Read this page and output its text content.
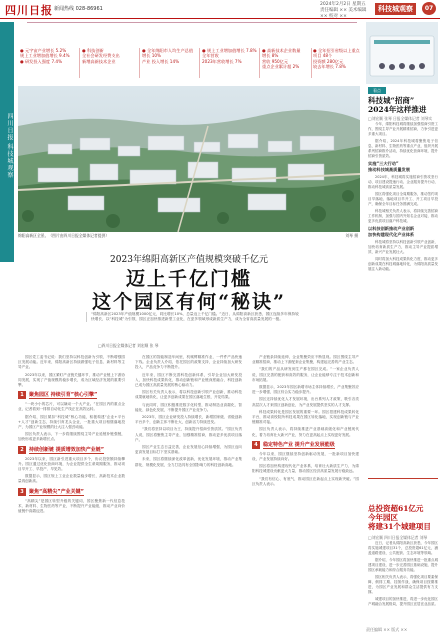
四川日报 新闻热线 028-86961
2024年2月2日 星期五
责任编辑 ×× 美术编辑 ×× 校对 ××
科技城观察	07
四川日报 科技城观察
● 元宇宙产业增长 5.2%
规上工业增加值增长 9.4%
● 研发投入强度 7.4%
● 科技创新
全社会研发经费支出
新增高新技术企业
● 全年绵阳市人均生产总值
增长 10%
产业 投入增长 14%
● 规上工业增加值增长 7.8%
全年营收
2023年营收增长 7%
● 高新技术企业数量
增长 8%
营收 950亿元
重点企业累计超 2%
● 全年招引省级以上重点
项目 48个
投资额 280亿元
较去年增长 7.8%
绵阳高新区全景。（图片由四川日报全媒体记者提供）	刘琴 摄
2023年绵阳高新区产值规模突破千亿元
迈上千亿门槛
这个园区有何“秘诀”
“绵阳高新区2023年产值规模1000亿元，同比增长10%，总量迈上千亿门槛。”近日，从绵阳高新区获悉，园区连续多年保持较快增长，以“科技城”为引领，园区正加快推进新型工业化，在更多领域形成新质生产力，成为全省高质量发展的一极。
□四川日报全媒体记者 刘宏顺 张 琴

园区党工委书记说：我们坚持以科技创新为引领，不断增强园区发展动能。近年来，绵阳高新区持续做强电子信息、新材料等主导产业。

2023年以来，园区紧盯产业链关键环节，推动产业链上下游协同发展，实现了产值规模的稳步增长，成为区域经济发展的重要引擎。

1	聚焦园区 持续引育”核心引擎”

“一块小小的芯片，可以撬动一个大产业。”在园区内的重点企业，记者看到一排排自动化生产线正在高效运转。

据介绍，园区紧扣“科技城”核心功能，积极构建“企业+平台+人才”创新生态，持续引育龙头企业，一批重大项目相继落地投产，为园区产业规模的壮大注入强劲动能。

园区负责人表示，下一步将继续围绕主导产业延链补链强链，加快形成更多新增长点。

2	持续创新链 提质增效加快产业链”

2023年以来，园区新引进重大项目多个，协议投资额持续攀升。园区通过优化营商环境，为企业提供全生命周期服务，推动项目早开工、早投产、早见效。

数据显示，园区规上工业企业数量稳步增长，高新技术企业数量再创新高。

3	聚焦“高精尖”产业关键”

“高精尖”是园区转型升级的关键词，园区聚焦新一代信息技术、新材料、生物医药等产业，不断提升产业能级，推动产业向价值链中高端迈进。

在园区的智能制造车间里，机械臂精准作业，一件件产品快速下线。企业负责人介绍，依托园区的政策支持，企业持续加大研发投入，产品竞争力不断提升。

近年来，园区不断完善科技创新体系，引导企业加大研发投入，加快科技成果转化，推动创新链和产业链深度融合，科技创新已成为园区高质量发展的核心驱动力。

园区有关负责人表示，将以科技创新引领产业创新，推动科技成果就地转化，让更多创新成果在园区落地生根、开花结果。

与此同时，园区积极推进数字化转型，推动制造业高端化、智能化、绿色化发展，不断提升园区产业竞争力。

2023年，园区企业研发投入持续增长，新增国家级、省级创新平台多个，创新主体不断壮大，创新活力持续迸发。

“我们将坚持以项目为王，持续提升招商引资质效。”园区负责人说，园区将聚焦主导产业，加强精准招商，推动更多优质项目落户。

园区产业生态日益完善，企业发展信心持续增强，为园区迈向更高发展目标打下坚实基础。

未来，园区将继续深化改革创新，优化发展环境，推动产业集群化、规模化发展，全力打造具有全国影响力的科技创新高地。

产业链条持续延伸，企业集聚效应不断显现。园区围绕主导产业精准招商，推动上下游配套企业集聚，构建起完善的产业生态。

“我们的产品从研发到生产都在园区完成。”一家企业负责人说，园区完善的配套和高效的服务，让企业能够专注于技术创新和市场拓展。

数据显示，2023年园区新增市场主体持续增长，产业集聚效应进一步增强，园区综合实力稳步提升。

园区还持续优化人才发展环境，出台系列人才政策，吸引各类高层次人才来园区创新创业，为产业发展提供坚实的人才支撑。

科技成果转化是园区发展的重要一环。园区搭建科技成果转化平台，推动高校院所科技成果在园区转化落地，实现创新链与产业链精准对接。

园区负责人表示，将持续推进产业基础高级化和产业链现代化，着力培育壮大新兴产业，努力在更高起点上实现更好发展。

4	稳定特色产业 提升产业发展能级

今年以来，园区继续坚持创新驱动发展，一批新项目加快建设，产业发展持续向好。

园区将加快构建现代化产业体系，培育壮大新质生产力，为绵阳科技城建设贡献更大力量，推动园区经济高质量发展行稳致远。

“我们有信心、有底气，推动园区在新起点上实现新突破。”园区负责人表示。

看点
科技城“招商”
2024年这样推进
□刘宏顺 张琴 日报全媒体记者 刘琴实

今年，绵阳科技城将继续加强招商引资工作，围绕主导产业开展精准招商，力争引进更多重大项目。

据介绍，2024年科技城将聚焦电子信息、新材料、生物医药等重点产业，组织开展系列招商推介活动，持续优化营商环境，提升招商引资质效。

实施“三大行动”
推动科技城高质量发展

2024年，科技城将实施招商引资攻坚行动、项目建设提速行动、企业服务提升行动，推动科技城高质量发展。

园区将强化项目全周期服务，推动签约项目早落地、落地项目早开工、开工项目早投产，确保全年目标任务圆满完成。

科技城相关负责人表示，将持续完善招商工作机制，加强与国内外知名企业对接，推动更多优质项目落户科技城。

以科技创新推动产业创新
加快构建现代化产业体系

科技城将坚持以科技创新引领产业创新，加快培育新质生产力，推动主导产业提质增效、新兴产业发展壮大。

同时将加大科技成果转化力度，推动更多创新成果在科技城落地转化，为绵阳高质量发展注入新动能。

总投资超61亿元
今年园区
将建31个城建项目
□刘宏顺 四川日报全媒体记者 刘琴

近日，记者从绵阳高新区获悉，今年园区将实施城建项目31个，总投资超61亿元，涵盖道路建设、公共配套、生态环境等领域。

据介绍，今年园区将加快推进一批重点城建项目建设，进一步完善园区基础设施，提升园区承载能力和综合服务功能。

园区相关负责人表示，将强化项目要素保障，倒排工期、挂图作战，确保项目按期推进，为园区产业发展和群众生活提供有力支撑。

城建项目的加快推进，将进一步优化园区产城融合发展格局，提升园区宜居宜业品质。

责任编辑 ×× 版式 ××
